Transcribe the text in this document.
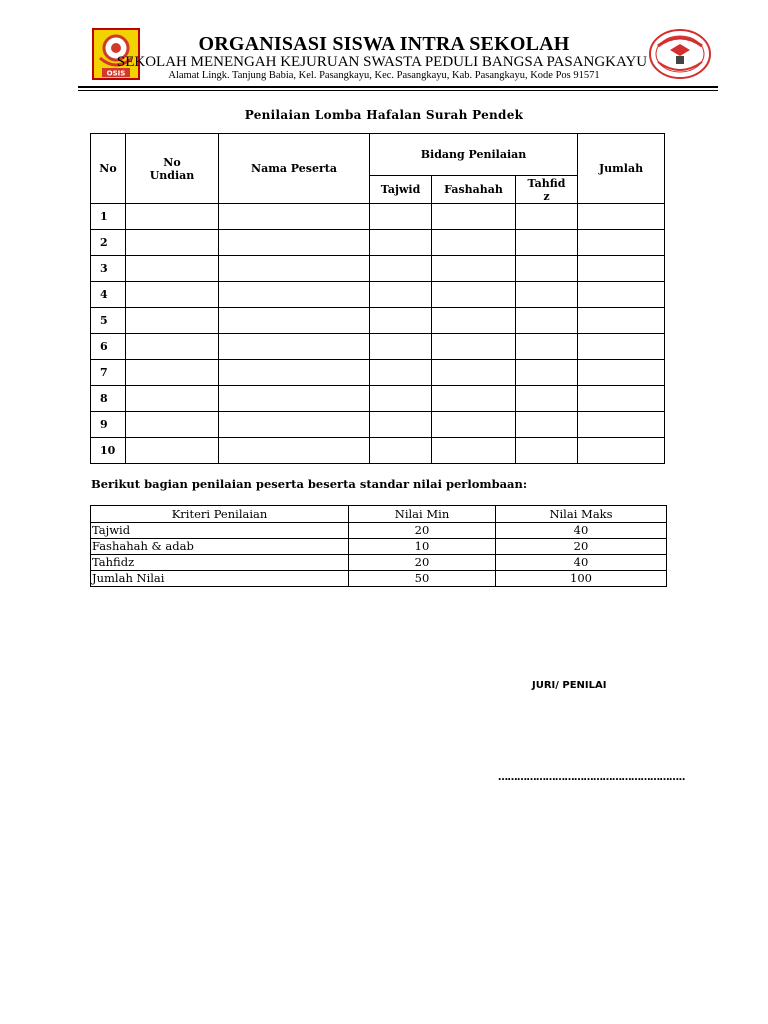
OSIS
ORGANISASI SISWA INTRA SEKOLAH
SEKOLAH MENENGAH KEJURUAN SWASTA PEDULI BANGSA PASANGKAYU
Alamat Lingk. Tanjung Babia, Kel. Pasangkayu, Kec. Pasangkayu, Kab. Pasangkayu, Kode Pos 91571
Penilaian Lomba Hafalan Surah Pendek
No	No Undian	Nama Peserta	Bidang Penilaian			Jumlah
			Tajwid	Fashahah	Tahfidz	

1						
2						
3						
4						
5						
6						
7						
8						
9						
10						
Berikut bagian penilaian peserta beserta standar nilai perlombaan:
Kriteri Penilaian	Nilai Min	Nilai Maks
Tajwid	20	40
Fashahah & adab	10	20
Tahfidz	20	40
Jumlah Nilai	50	100
JURI/ PENILAI
…………………………………………………..
